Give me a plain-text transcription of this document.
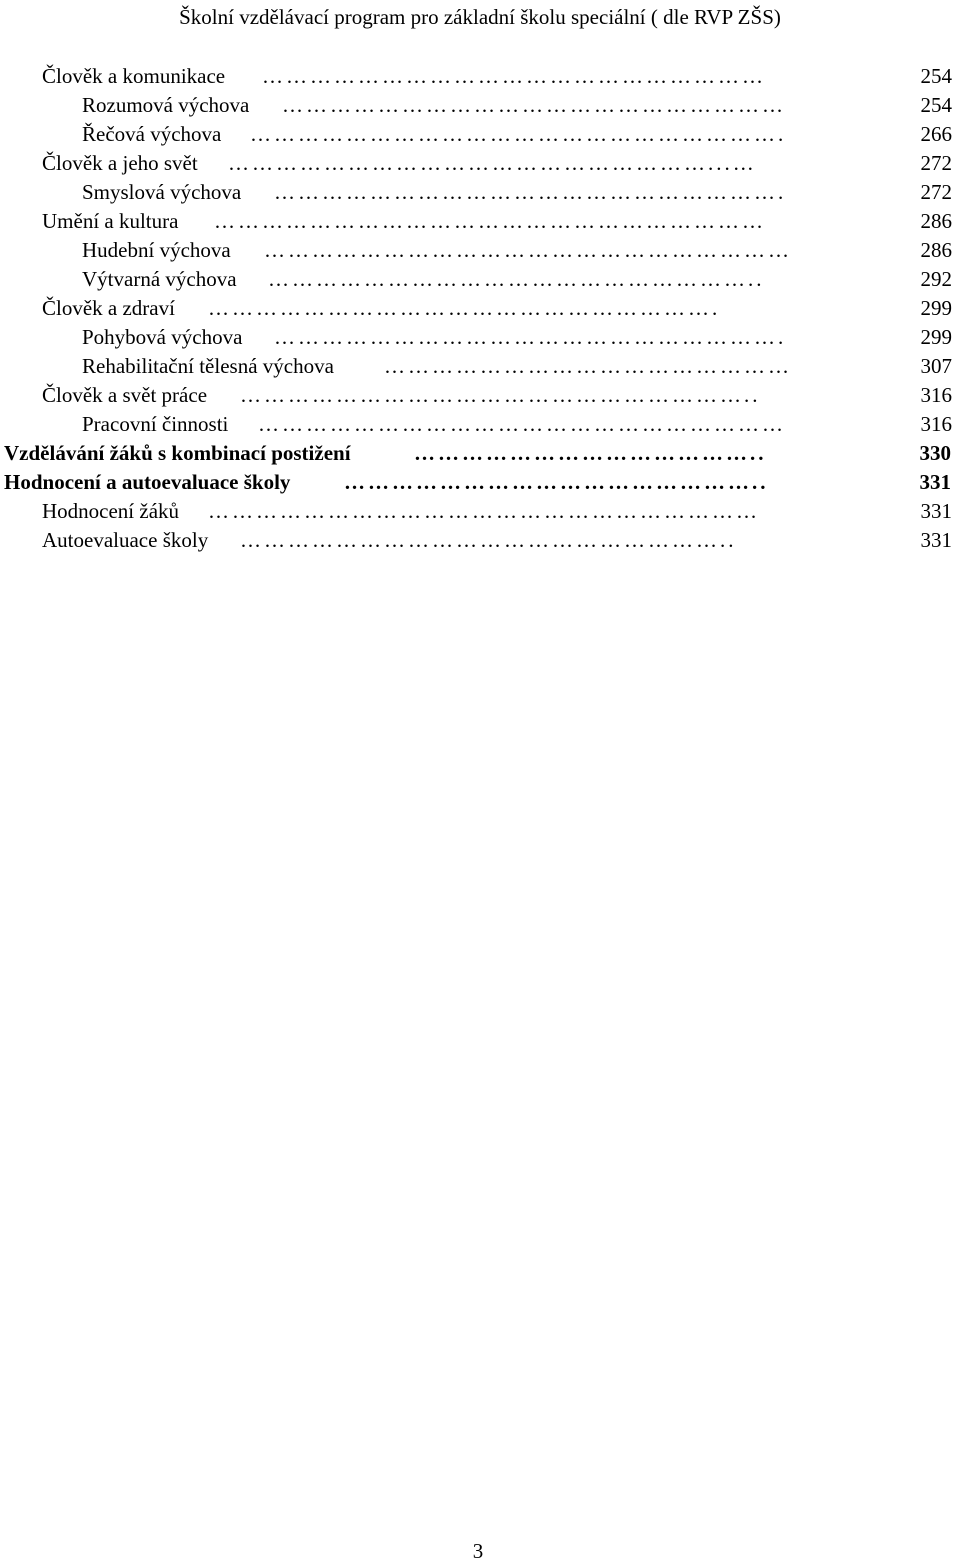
Školní vzdělávací program pro základní školu speciální ( dle RVP ZŠS)
Člověk a komunikace ………………………………………………………	254
Rozumová výchova ………………………………………………………	254
Řečová výchova ………………………………………………………….	266
Člověk a jeho svět ……………………………………………………...…	272
Smyslová výchova ……………………………………………………….	272
Umění a kultura ……………………………………………………………	286
Hudební výchova …………………………………………………………	286
Výtvarná výchova ……………………………………………………..	292
Člověk a zdraví ……………………………………………………….	299
Pohybová výchova ……………………………………………………….	299
Rehabilitační tělesná výchova ……………………………………………	307
Člověk a svět práce ………………………………………………………..	316
Pracovní činnosti …………………………………………………………	316
Vzdělávání žáků s kombinací postižení	……………………………………..	330
Hodnocení a autoevaluace školy	……………………………………………..	331
Hodnocení žáků ……………………………………………………………	331
Autoevaluace školy ……………………………………………………..	331
3
